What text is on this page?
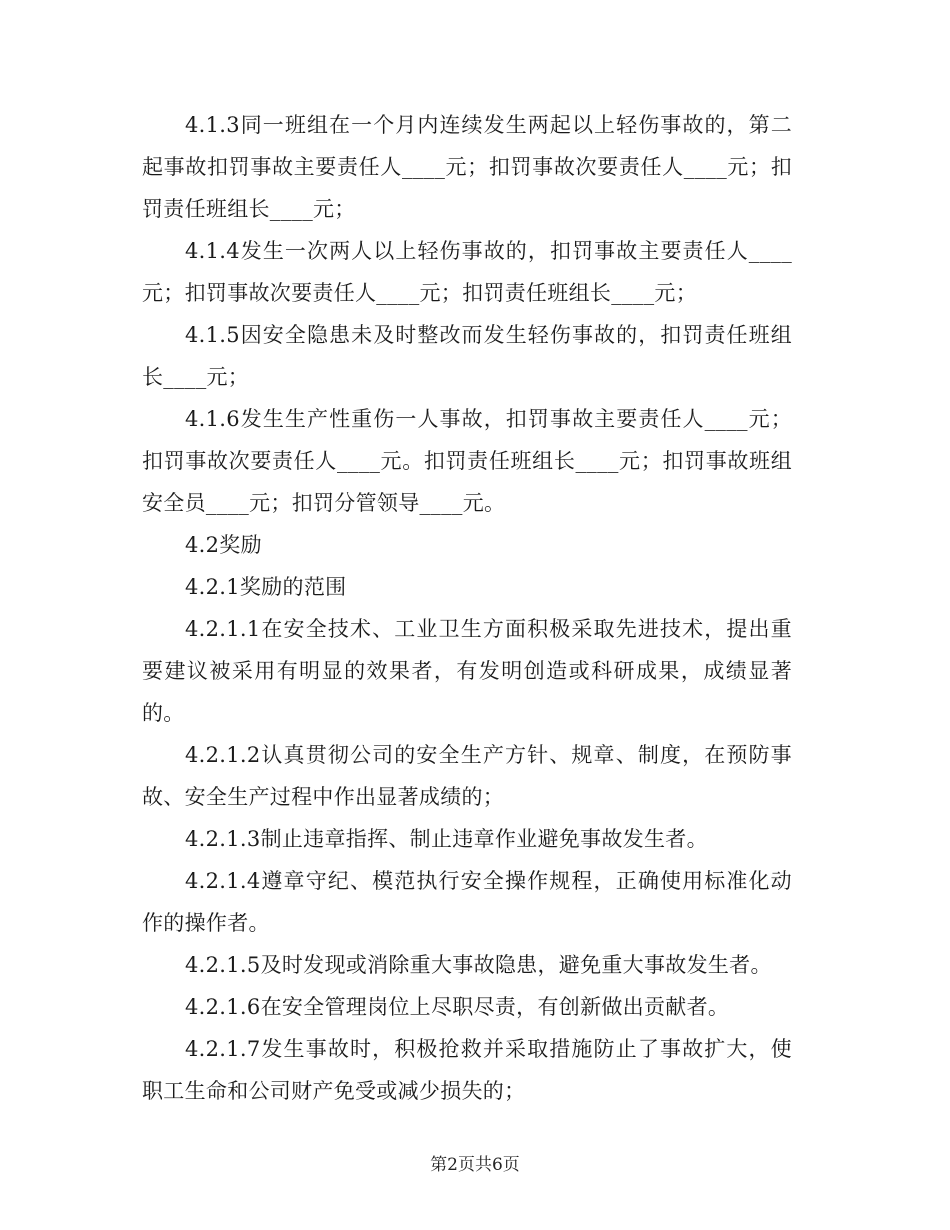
4.1.3同一班组在一个月内连续发生两起以上轻伤事故的，第二起事故扣罚事故主要责任人____元；扣罚事故次要责任人____元；扣罚责任班组长____元；

4.1.4发生一次两人以上轻伤事故的，扣罚事故主要责任人____元；扣罚事故次要责任人____元；扣罚责任班组长____元；

4.1.5因安全隐患未及时整改而发生轻伤事故的，扣罚责任班组长____元；

4.1.6发生生产性重伤一人事故，扣罚事故主要责任人____元；扣罚事故次要责任人____元。扣罚责任班组长____元；扣罚事故班组安全员____元；扣罚分管领导____元。

4.2奖励

4.2.1奖励的范围

4.2.1.1在安全技术、工业卫生方面积极采取先进技术，提出重要建议被采用有明显的效果者，有发明创造或科研成果，成绩显著的。

4.2.1.2认真贯彻公司的安全生产方针、规章、制度，在预防事故、安全生产过程中作出显著成绩的；

4.2.1.3制止违章指挥、制止违章作业避免事故发生者。

4.2.1.4遵章守纪、模范执行安全操作规程，正确使用标准化动作的操作者。

4.2.1.5及时发现或消除重大事故隐患，避免重大事故发生者。

4.2.1.6在安全管理岗位上尽职尽责，有创新做出贡献者。

4.2.1.7发生事故时，积极抢救并采取措施防止了事故扩大，使职工生命和公司财产免受或减少损失的；

第2页共6页
